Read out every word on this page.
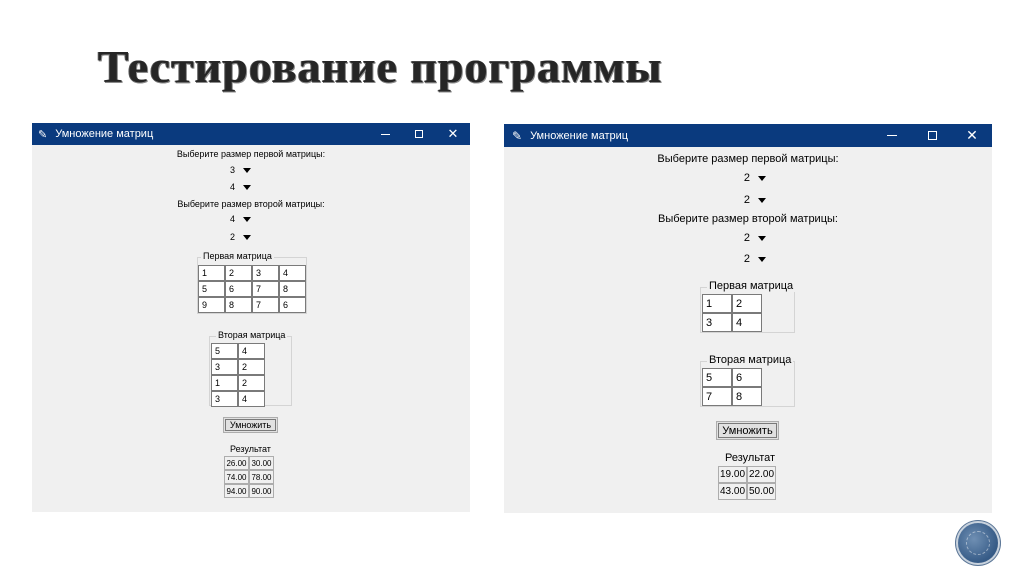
Тестирование программы
✎ Умножение матриц	✕
Выберите размер первой матрицы:
Выберите размер второй матрицы:
3
4
4
2
Первая матрица
1	2	3	4
5	6	7	8
9	8	7	6
Вторая матрица
5	4
3	2
1	2
3	4
Умножить
Результат
26.00 30.00
74.00 78.00
94.00 90.00
✎ Умножение матриц	✕
Выберите размер первой матрицы:
Выберите размер второй матрицы:
2
2
2
2
Первая матрица
1	2
3	4
Вторая матрица
5	6
7	8
Умножить
Результат
19.00 22.00
43.00 50.00
